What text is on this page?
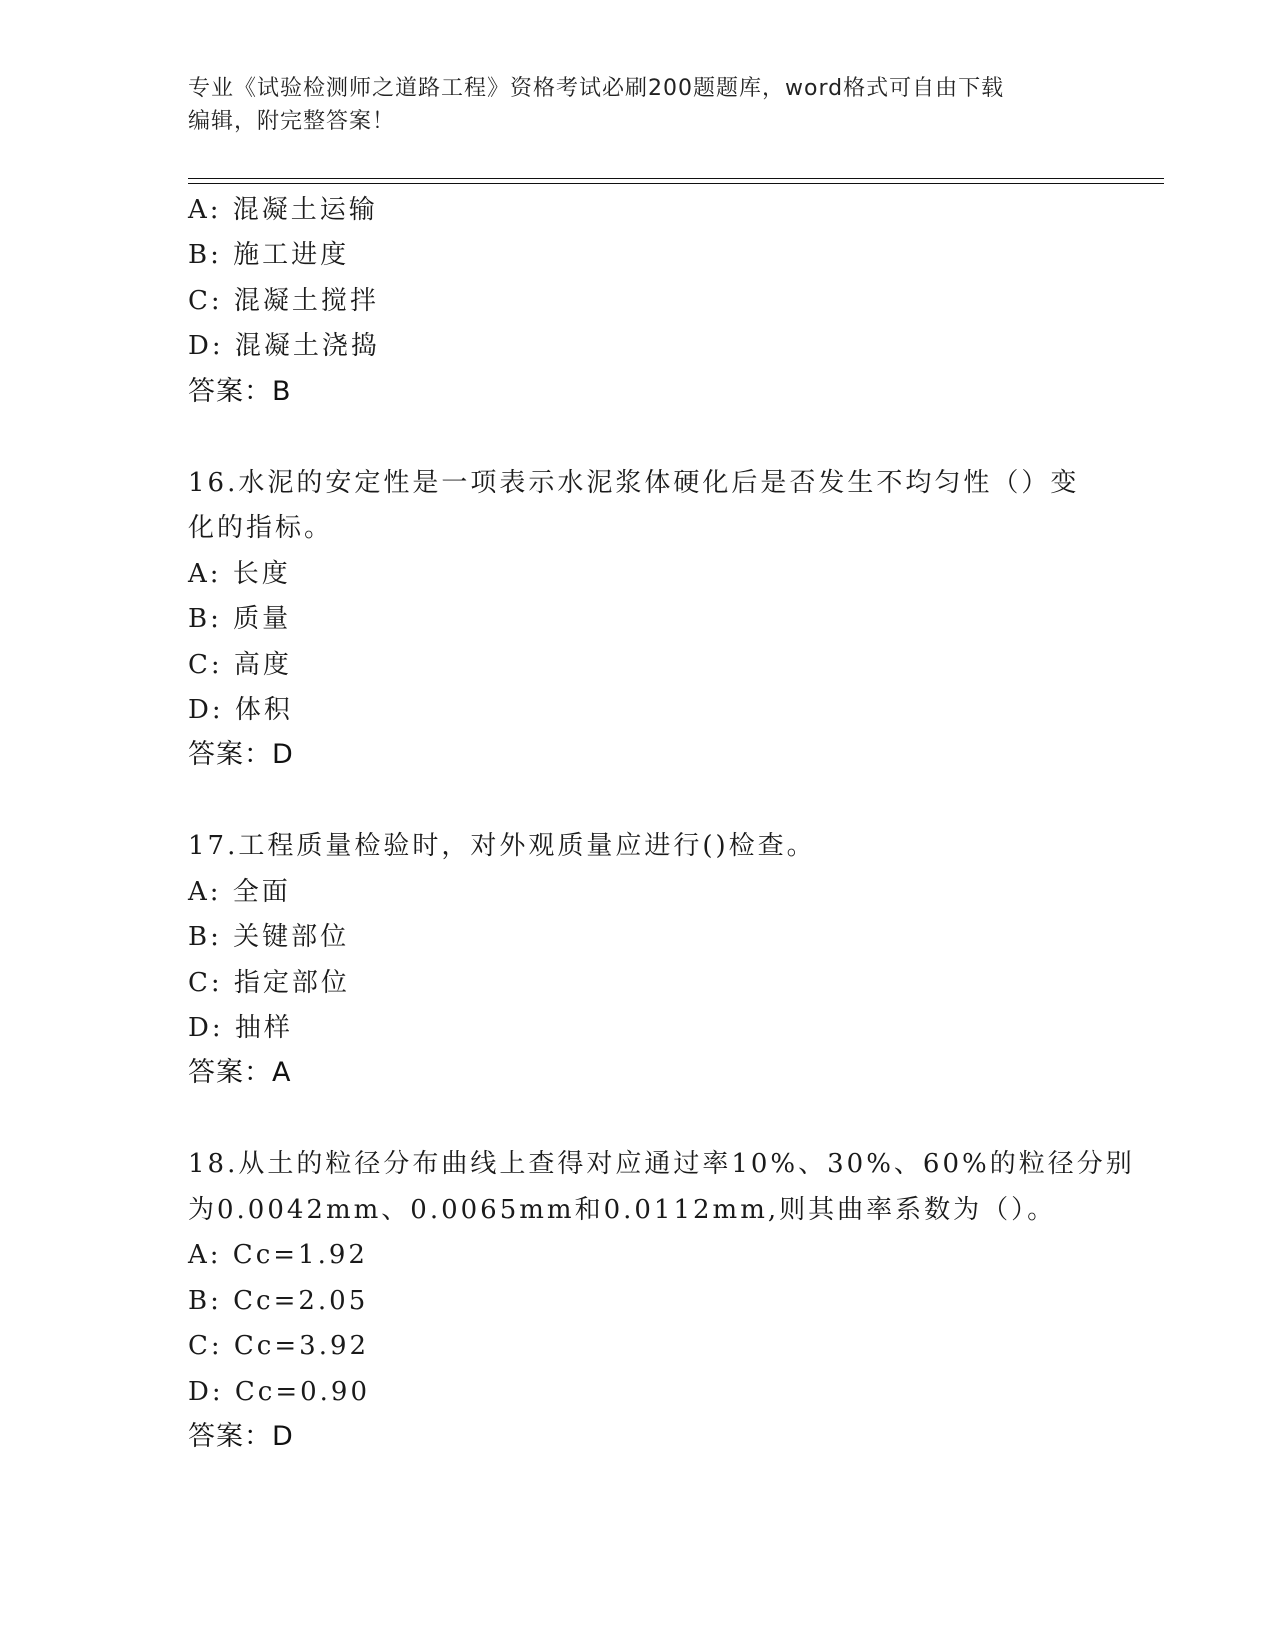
专业《试验检测师之道路工程》资格考试必刷200题题库，word格式可自由下载
编辑，附完整答案！
A: 混凝土运输
B: 施工进度
C: 混凝土搅拌
D: 混凝土浇捣
答案：B
16.水泥的安定性是一项表示水泥浆体硬化后是否发生不均匀性（）变
化的指标。
A: 长度
B: 质量
C: 高度
D: 体积
答案：D
17.工程质量检验时，对外观质量应进行()检查。
A: 全面
B: 关键部位
C: 指定部位
D: 抽样
答案：A
18.从土的粒径分布曲线上查得对应通过率10%、30%、60%的粒径分别
为0.0042mm、0.0065mm和0.0112mm,则其曲率系数为（）。
A: Cc=1.92
B: Cc=2.05
C: Cc=3.92
D: Cc=0.90
答案：D
